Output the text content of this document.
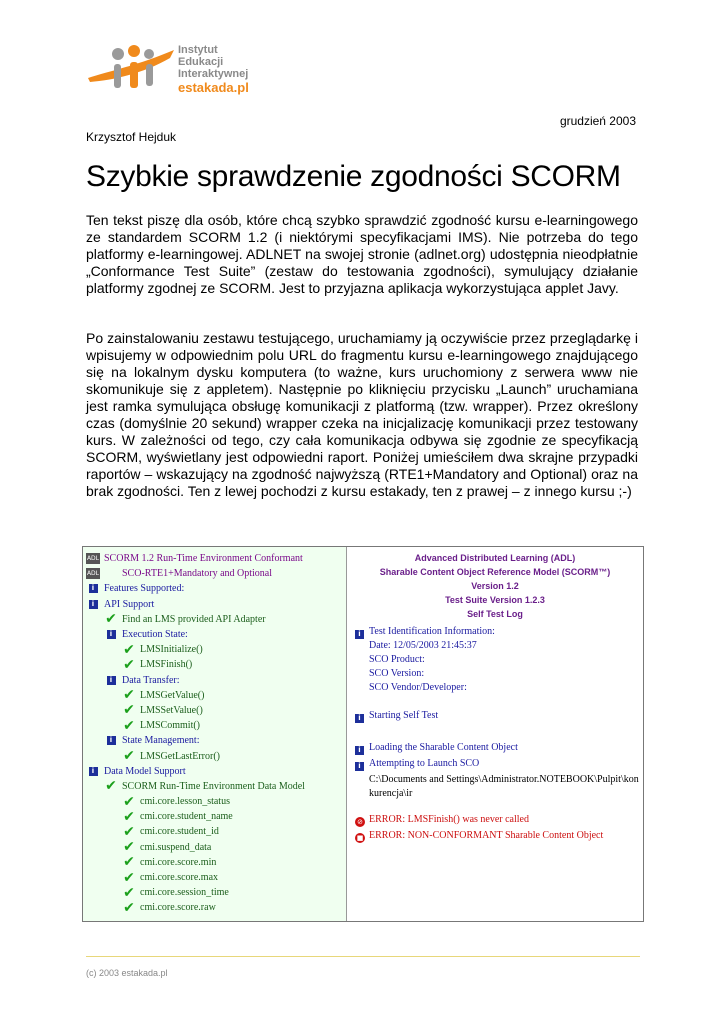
Instytut
Edukacji
Interaktywnej
estakada.pl
grudzień 2003
Krzysztof Hejduk
Szybkie sprawdzenie zgodności SCORM

Ten tekst piszę dla osób, które chcą szybko sprawdzić zgodność kursu e-learningowego ze standardem SCORM 1.2 (i niektórymi specyfikacjami IMS). Nie potrzeba do tego platformy e-learningowej. ADLNET na swojej stronie (adlnet.org) udostępnia nieodpłatnie „Conformance Test Suite” (zestaw do testowania zgodności), symulujący działanie platformy zgodnej ze SCORM. Jest to przyjazna aplikacja wykorzystująca applet Javy.

Po zainstalowaniu zestawu testującego, uruchamiamy ją oczywiście przez przeglądarkę i wpisujemy w odpowiednim polu URL do fragmentu kursu e-learningowego znajdującego się na lokalnym dysku komputera (to ważne, kurs uruchomiony z serwera www nie skomunikuje się z appletem). Następnie po kliknięciu przycisku „Launch” uruchamiana jest ramka symulująca obsługę komunikacji z platformą (tzw. wrapper). Przez określony czas (domyślnie 20 sekund) wrapper czeka na inicjalizację komunikacji przez testowany kurs. W zależności od tego, czy cała komunikacja odbywa się zgodnie ze specyfikacją SCORM, wyświetlany jest odpowiedni raport. Poniżej umieściłem dwa skrajne przypadki raportów – wskazujący na zgodność najwyższą (RTE1+Mandatory and Optional) oraz na brak zgodności. Ten z lewej pochodzi z kursu estakady, ten z prawej – z innego kursu ;-)

ADL SCORM 1.2 Run-Time Environment Conformant
ADL SCO-RTE1+Mandatory and Optional
i Features Supported:
i API Support
✔ Find an LMS provided API Adapter
i Execution State:
✔ LMSInitialize()
✔ LMSFinish()
i Data Transfer:
✔ LMSGetValue()
✔ LMSSetValue()
✔ LMSCommit()
i State Management:
✔ LMSGetLastError()
i Data Model Support
✔ SCORM Run-Time Environment Data Model
✔ cmi.core.lesson_status
✔ cmi.core.student_name
✔ cmi.core.student_id
✔ cmi.suspend_data
✔ cmi.core.score.min
✔ cmi.core.score.max
✔ cmi.core.session_time
✔ cmi.core.score.raw
Advanced Distributed Learning (ADL)
Sharable Content Object Reference Model (SCORM™)
Version 1.2
Test Suite Version 1.2.3
Self Test Log
i Test Identification Information:
Date: 12/05/2003 21:45:37
SCO Product:
SCO Version:
SCO Vendor/Developer:
i Starting Self Test
i Loading the Sharable Content Object
i Attempting to Launch SCO
C:\Documents and Settings\Administrator.NOTEBOOK\Pulpit\konkurencja\ir
⊘ ERROR: LMSFinish() was never called
■ ERROR: NON-CONFORMANT Sharable Content Object
(c) 2003 estakada.pl
